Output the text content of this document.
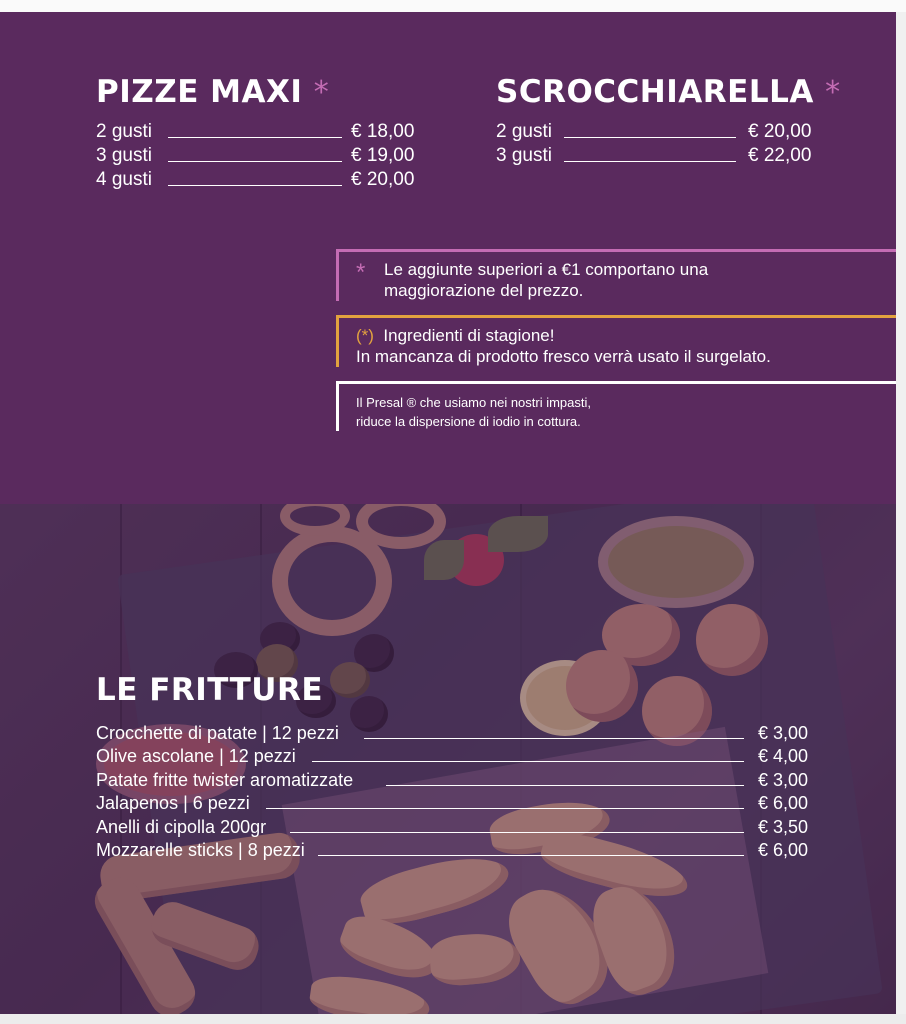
PIZZE MAXI *
2 gusti	€ 18,00
3 gusti	€ 19,00
4 gusti	€ 20,00
SCROCCHIARELLA *
2 gusti	€ 20,00
3 gusti	€ 22,00
* Le aggiunte superiori a €1 comportano una
maggiorazione del prezzo.
(*) Ingredienti di stagione!
In mancanza di prodotto fresco verrà usato il surgelato.
Il Presal ® che usiamo nei nostri impasti,
riduce la dispersione di iodio in cottura.
LE FRITTURE
Crocchette di patate | 12 pezzi	€ 3,00
Olive ascolane | 12 pezzi	€ 4,00
Patate fritte twister aromatizzate	€ 3,00
Jalapenos | 6 pezzi	€ 6,00
Anelli di cipolla 200gr	€ 3,50
Mozzarelle sticks | 8 pezzi	€ 6,00
